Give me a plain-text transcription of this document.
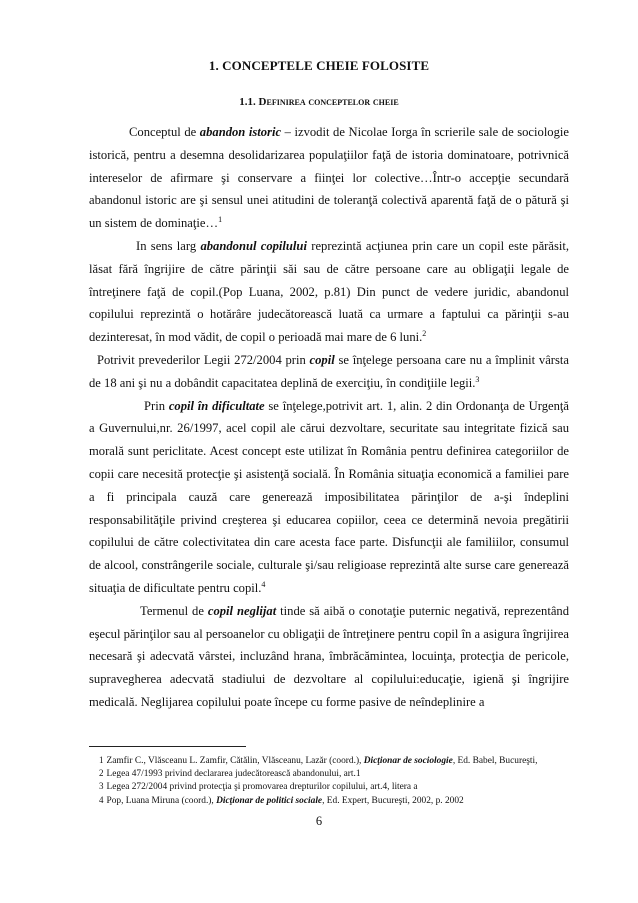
1. CONCEPTELE CHEIE FOLOSITE
1.1. Definirea conceptelor cheie

Conceptul de abandon istoric – izvodit de Nicolae Iorga în scrierile sale de sociologie istorică, pentru a desemna desolidarizarea populaţiilor faţă de istoria dominatoare, potrivnică intereselor de afirmare şi conservare a fiinţei lor colective…Într-o accepţie secundară abandonul istoric are şi sensul unei atitudini de toleranţă colectivă aparentă faţă de o pătură şi un sistem de dominaţie…$^1$

In sens larg abandonul copilului reprezintă acţiunea prin care un copil este părăsit, lăsat fără îngrijire de către părinţii săi sau de către persoane care au obligaţii legale de întreţinere faţă de copil.(Pop Luana, 2002, p.81) Din punct de vedere juridic, abandonul copilului reprezintă o hotărâre judecătorească luată ca urmare a faptului ca părinţii s-au dezinteresat, în mod vădit, de copil o perioadă mai mare de 6 luni.$^2$

Potrivit prevederilor Legii 272/2004 prin copil se înţelege persoana care nu a împlinit vârsta de 18 ani şi nu a dobândit capacitatea deplină de exerciţiu, în condiţiile legii.$^3$

Prin copil în dificultate se înţelege,potrivit art. 1, alin. 2 din Ordonanţa de Urgenţă a Guvernului,nr. 26/1997, acel copil ale cărui dezvoltare, securitate sau integritate fizică sau morală sunt periclitate. Acest concept este utilizat în România pentru definirea categoriilor de copii care necesită protecţie şi asistenţă socială. În România situaţia economică a familiei pare a fi principala cauză care generează imposibilitatea părinţilor de a-şi îndeplini responsabilităţile privind creşterea şi educarea copiilor, ceea ce determină nevoia pregătirii copilului de către colectivitatea din care acesta face parte. Disfuncţii ale familiilor, consumul de alcool, constrângerile sociale, culturale şi/sau religioase reprezintă alte surse care generează situaţia de dificultate pentru copil.$^4$

Termenul de copil neglijat tinde să aibă o conotaţie puternic negativă, reprezentând eşecul părinţilor sau al persoanelor cu obligaţii de întreţinere pentru copil în a asigura îngrijirea necesară şi adecvată vârstei, incluzând hrana, îmbrăcămintea, locuinţa, protecţia de pericole, supravegherea adecvată stadiului de dezvoltare al copilului:educaţie, igienă şi îngrijire medicală. Neglijarea copilului poate începe cu forme pasive de neîndeplinire a

1 Zamfir C., Vlăsceanu L. Zamfir, Cătălin, Vlăsceanu, Lazăr (coord.), Dicţionar de sociologie, Ed. Babel, Bucureşti,

2 Legea 47/1993 privind declararea judecătorească abandonului, art.1

3 Legea 272/2004 privind protecţia şi promovarea drepturilor copilului, art.4, litera a

4 Pop, Luana Miruna (coord.), Dicţionar de politici sociale, Ed. Expert, Bucureşti, 2002, p. 2002

6
